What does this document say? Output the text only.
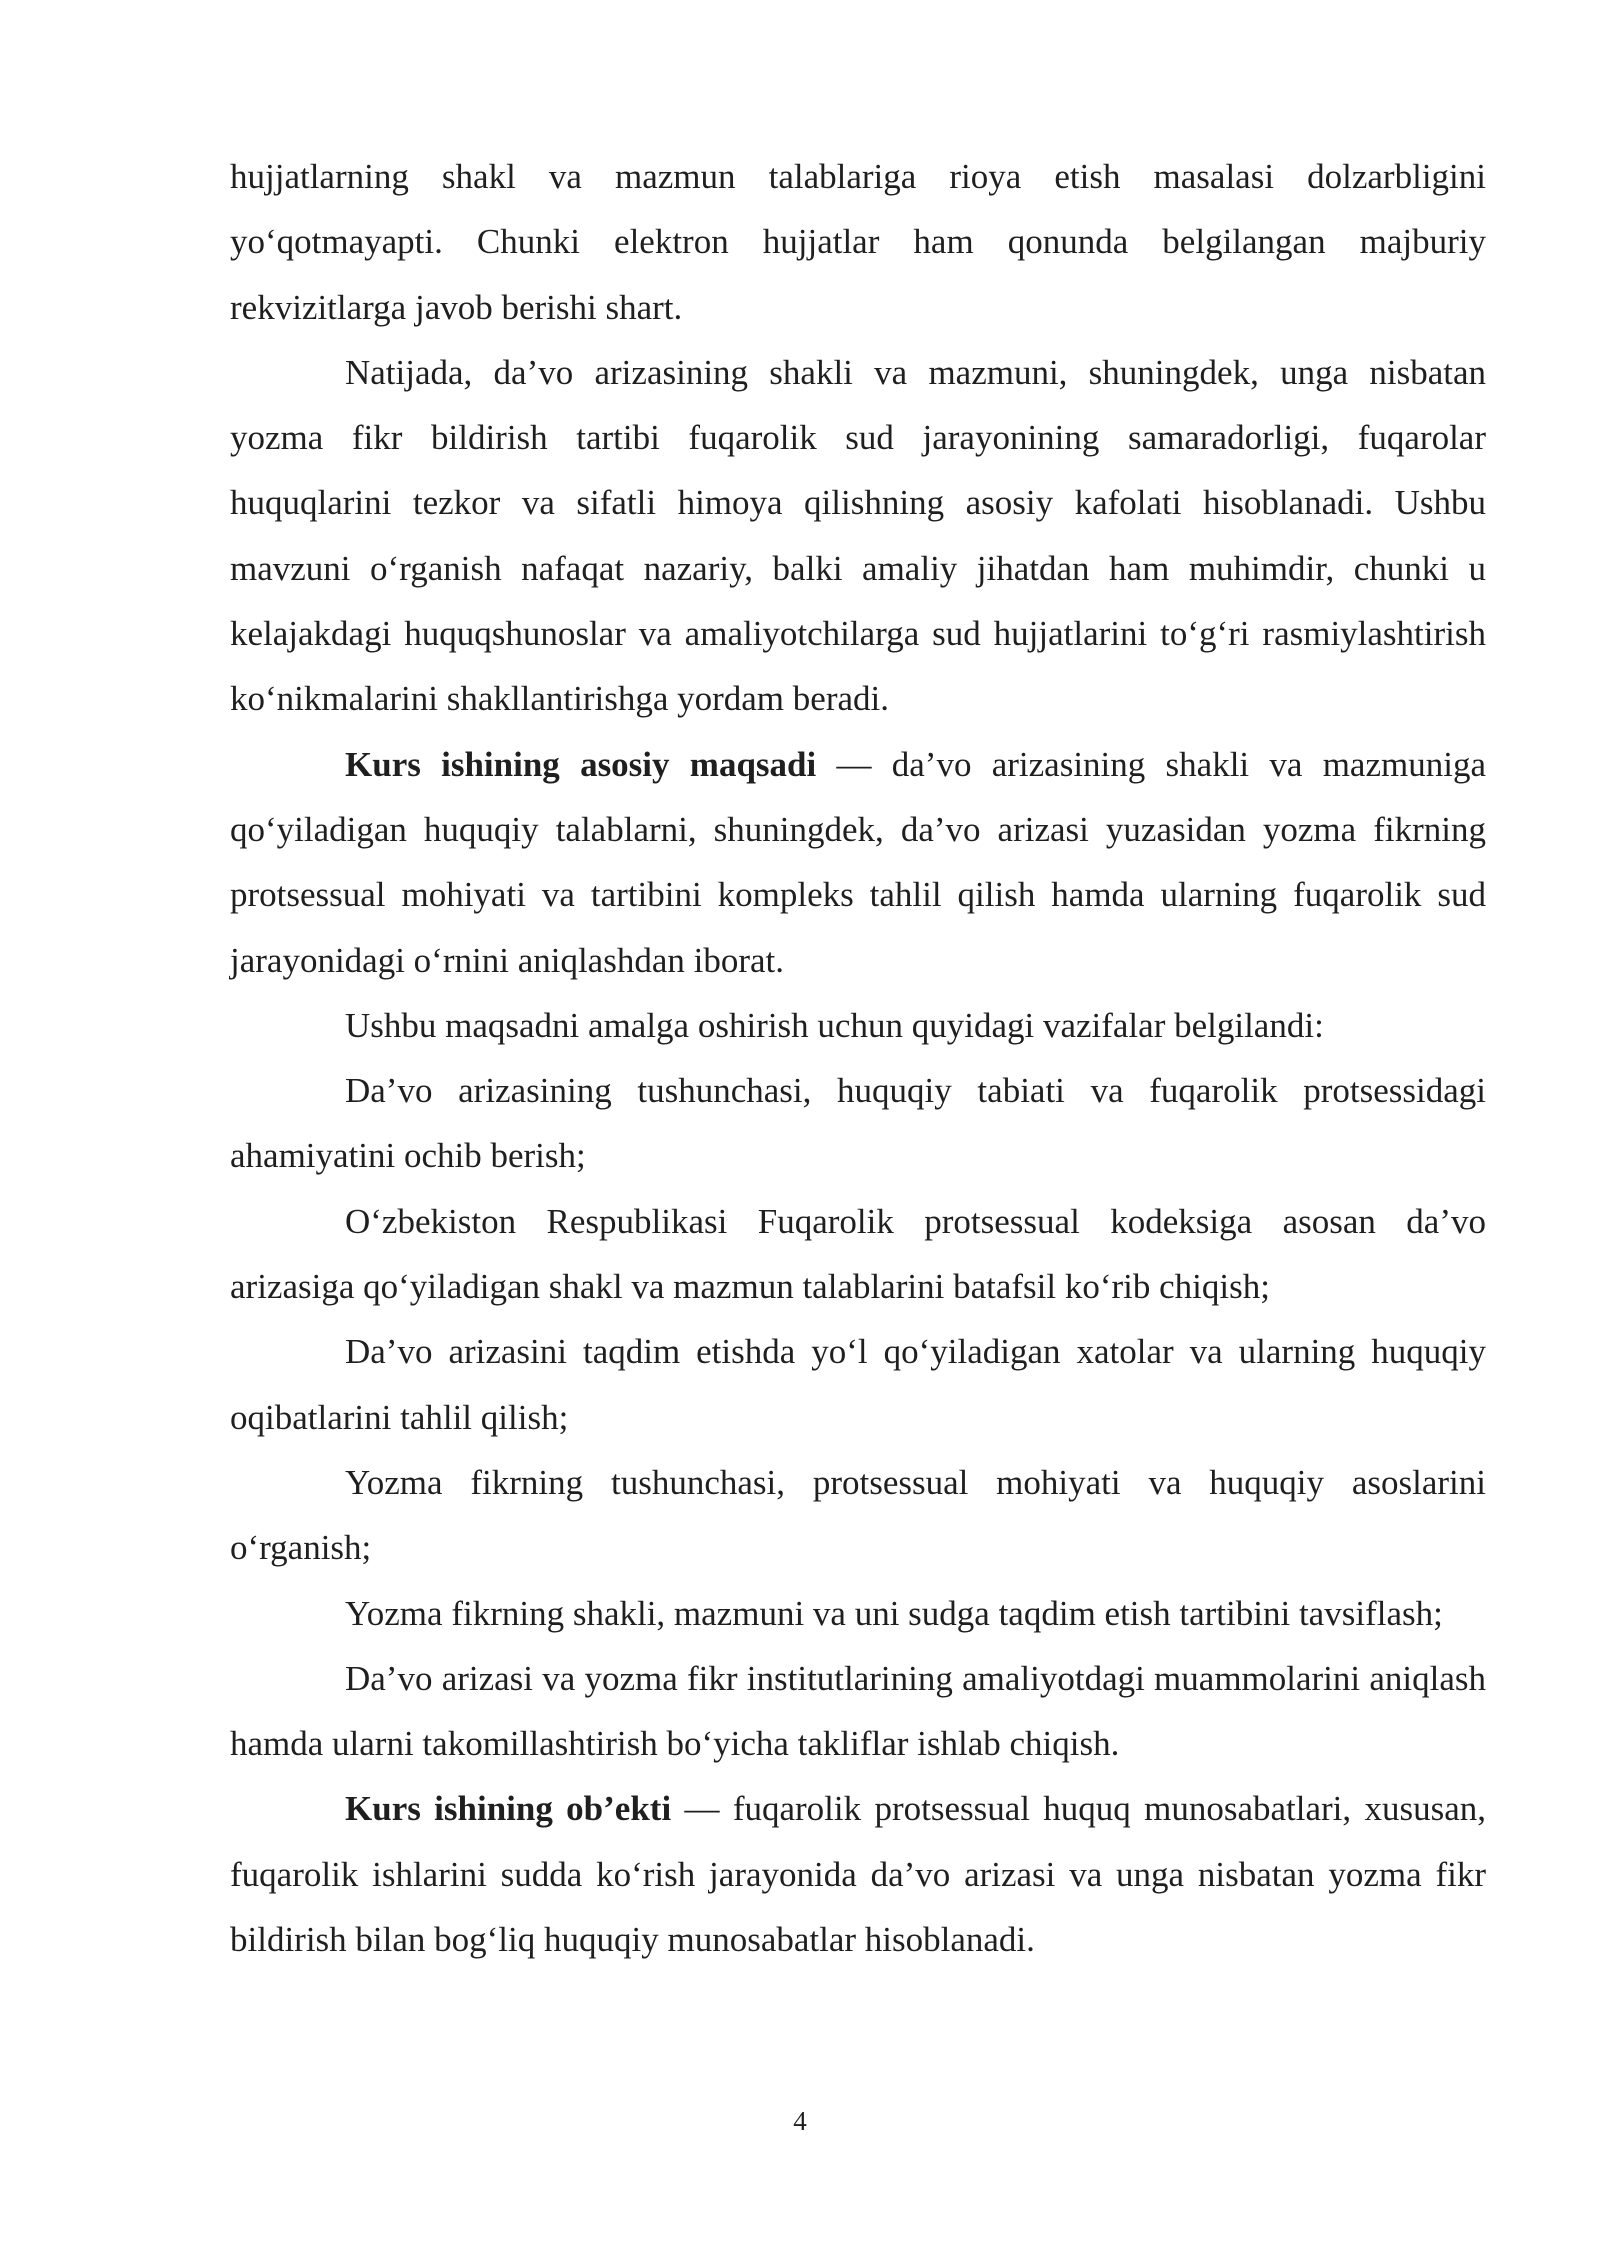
hujjatlarning shakl va mazmun talablariga rioya etish masalasi dolzarbligini yo‘qotmayapti. Chunki elektron hujjatlar ham qonunda belgilangan majburiy rekvizitlarga javob berishi shart.

Natijada, da’vo arizasining shakli va mazmuni, shuningdek, unga nisbatan yozma fikr bildirish tartibi fuqarolik sud jarayonining samaradorligi, fuqarolar huquqlarini tezkor va sifatli himoya qilishning asosiy kafolati hisoblanadi. Ushbu mavzuni o‘rganish nafaqat nazariy, balki amaliy jihatdan ham muhimdir, chunki u kelajakdagi huquqshunoslar va amaliyotchilarga sud hujjatlarini to‘g‘ri rasmiylashtirish ko‘nikmalarini shakllantirishga yordam beradi.

Kurs ishining asosiy maqsadi — da’vo arizasining shakli va mazmuniga qo‘yiladigan huquqiy talablarni, shuningdek, da’vo arizasi yuzasidan yozma fikrning protsessual mohiyati va tartibini kompleks tahlil qilish hamda ularning fuqarolik sud jarayonidagi o‘rnini aniqlashdan iborat.

Ushbu maqsadni amalga oshirish uchun quyidagi vazifalar belgilandi:

Da’vo arizasining tushunchasi, huquqiy tabiati va fuqarolik protsessidagi ahamiyatini ochib berish;

O‘zbekiston Respublikasi Fuqarolik protsessual kodeksiga asosan da’vo arizasiga qo‘yiladigan shakl va mazmun talablarini batafsil ko‘rib chiqish;

Da’vo arizasini taqdim etishda yo‘l qo‘yiladigan xatolar va ularning huquqiy oqibatlarini tahlil qilish;

Yozma fikrning tushunchasi, protsessual mohiyati va huquqiy asoslarini o‘rganish;

Yozma fikrning shakli, mazmuni va uni sudga taqdim etish tartibini tavsiflash;

Da’vo arizasi va yozma fikr institutlarining amaliyotdagi muammolarini aniqlash hamda ularni takomillashtirish bo‘yicha takliflar ishlab chiqish.

Kurs ishining ob’ekti — fuqarolik protsessual huquq munosabatlari, xususan, fuqarolik ishlarini sudda ko‘rish jarayonida da’vo arizasi va unga nisbatan yozma fikr bildirish bilan bog‘liq huquqiy munosabatlar hisoblanadi.

4
